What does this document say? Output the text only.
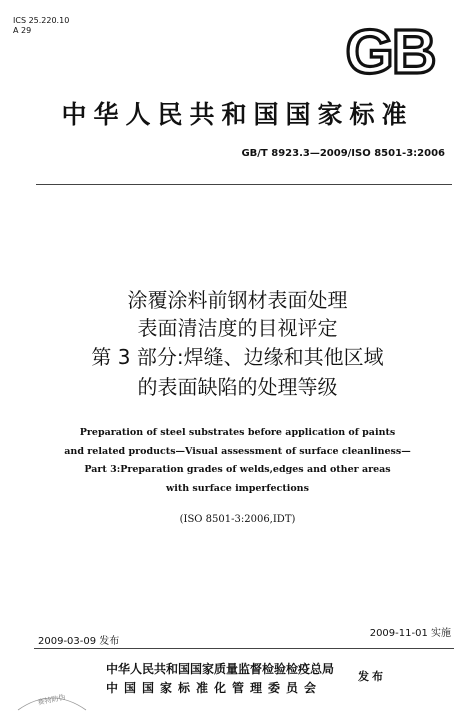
ICS 25.220.10
A 29	GB
中华人民共和国国家标准
GB/T 8923.3—2009/ISO 8501-3:2006
涂覆涂料前钢材表面处理
表面清洁度的目视评定
第 3 部分:焊缝、边缘和其他区域
的表面缺陷的处理等级
Preparation of steel substrates before application of paints
and related products—Visual assessment of surface cleanliness—
Part 3:Preparation grades of welds,edges and other areas
with surface imperfections
(ISO 8501-3:2006,IDT)
2009-03-09 发布
2009-11-01 实施
中华人民共和国国家质量监督检验检疫总局
中国国家标准化管理委员会
发布
赛特防伪
